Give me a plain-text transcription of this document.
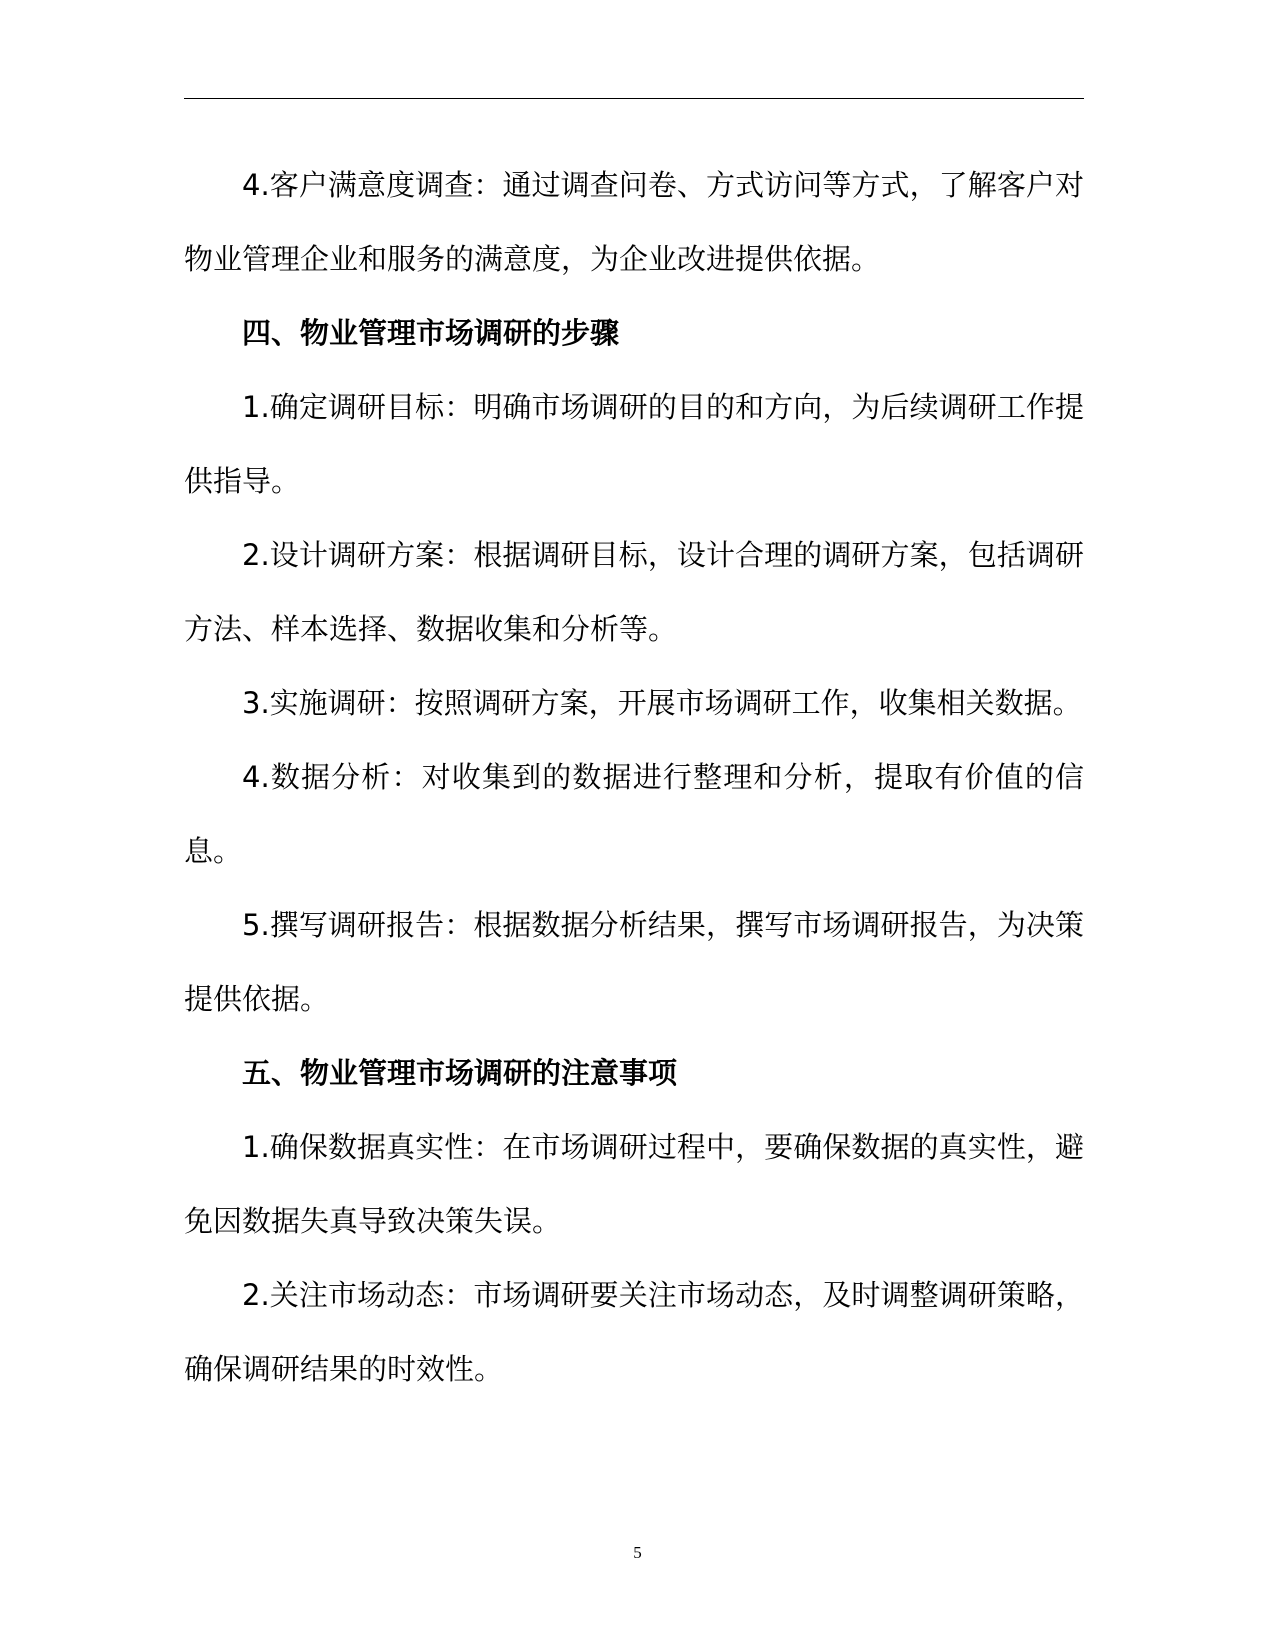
4.客户满意度调查：通过调查问卷、方式访问等方式，了解客户对物业管理企业和服务的满意度，为企业改进提供依据。

四、物业管理市场调研的步骤

1.确定调研目标：明确市场调研的目的和方向，为后续调研工作提供指导。

2.设计调研方案：根据调研目标，设计合理的调研方案，包括调研方法、样本选择、数据收集和分析等。

3.实施调研：按照调研方案，开展市场调研工作，收集相关数据。

4.数据分析：对收集到的数据进行整理和分析，提取有价值的信息。

5.撰写调研报告：根据数据分析结果，撰写市场调研报告，为决策提供依据。

五、物业管理市场调研的注意事项

1.确保数据真实性：在市场调研过程中，要确保数据的真实性，避免因数据失真导致决策失误。

2.关注市场动态：市场调研要关注市场动态，及时调整调研策略，确保调研结果的时效性。

5
